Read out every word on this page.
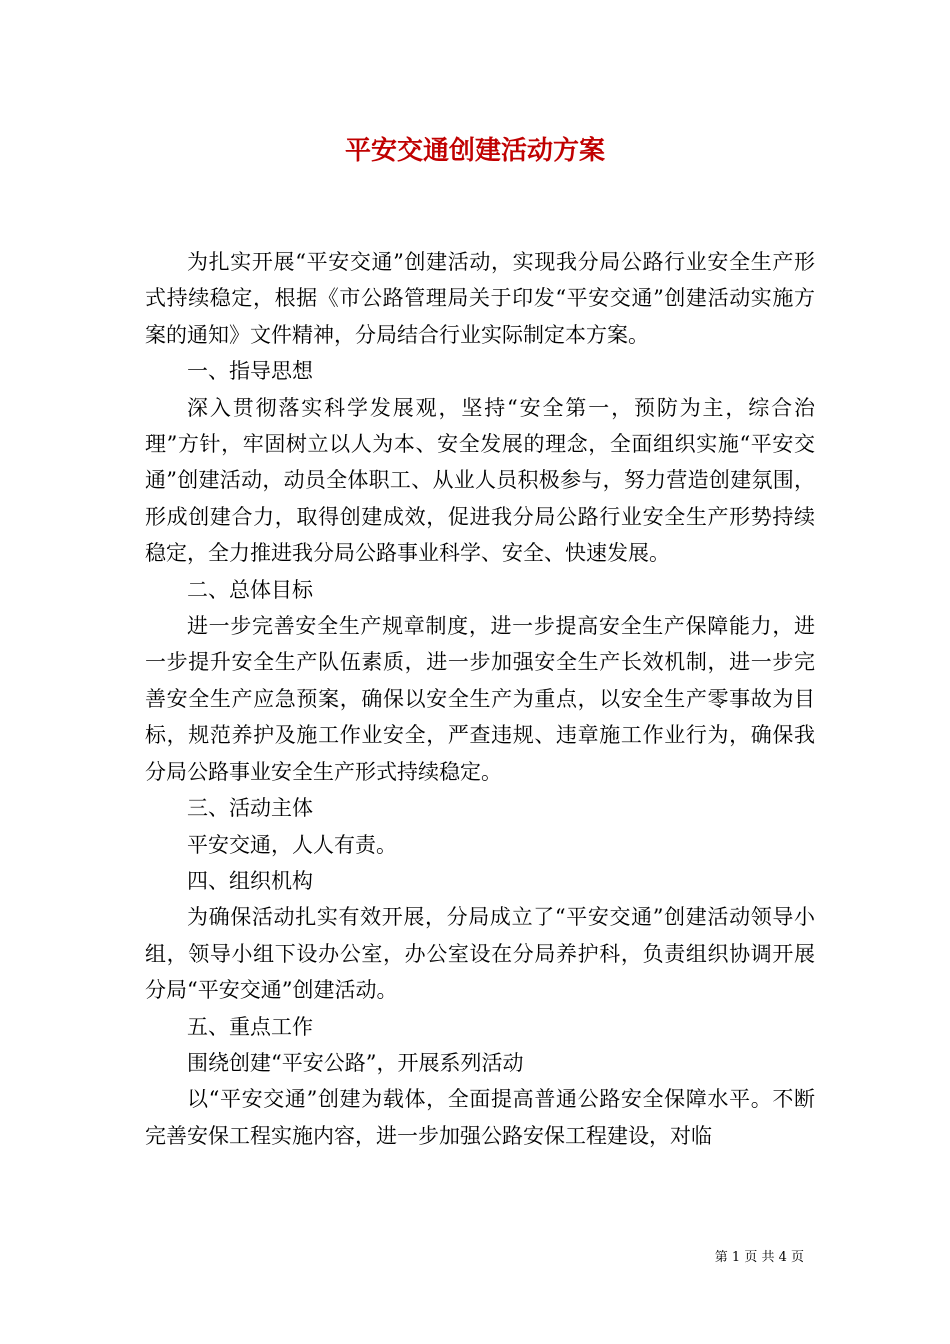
平安交通创建活动方案

为扎实开展“平安交通”创建活动，实现我分局公路行业安全生产形式持续稳定，根据《市公路管理局关于印发“平安交通”创建活动实施方案的通知》文件精神，分局结合行业实际制定本方案。

一、指导思想

深入贯彻落实科学发展观，坚持“安全第一，预防为主，综合治理”方针，牢固树立以人为本、安全发展的理念，全面组织实施“平安交通”创建活动，动员全体职工、从业人员积极参与，努力营造创建氛围，形成创建合力，取得创建成效，促进我分局公路行业安全生产形势持续稳定，全力推进我分局公路事业科学、安全、快速发展。

二、总体目标

进一步完善安全生产规章制度，进一步提高安全生产保障能力，进一步提升安全生产队伍素质，进一步加强安全生产长效机制，进一步完善安全生产应急预案，确保以安全生产为重点，以安全生产零事故为目标，规范养护及施工作业安全，严查违规、违章施工作业行为，确保我分局公路事业安全生产形式持续稳定。

三、活动主体

平安交通，人人有责。

四、组织机构

为确保活动扎实有效开展，分局成立了“平安交通”创建活动领导小组，领导小组下设办公室，办公室设在分局养护科，负责组织协调开展分局“平安交通”创建活动。

五、重点工作

围绕创建“平安公路”，开展系列活动

以“平安交通”创建为载体，全面提高普通公路安全保障水平。不断完善安保工程实施内容，进一步加强公路安保工程建设，对临

第 1 页 共 4 页
